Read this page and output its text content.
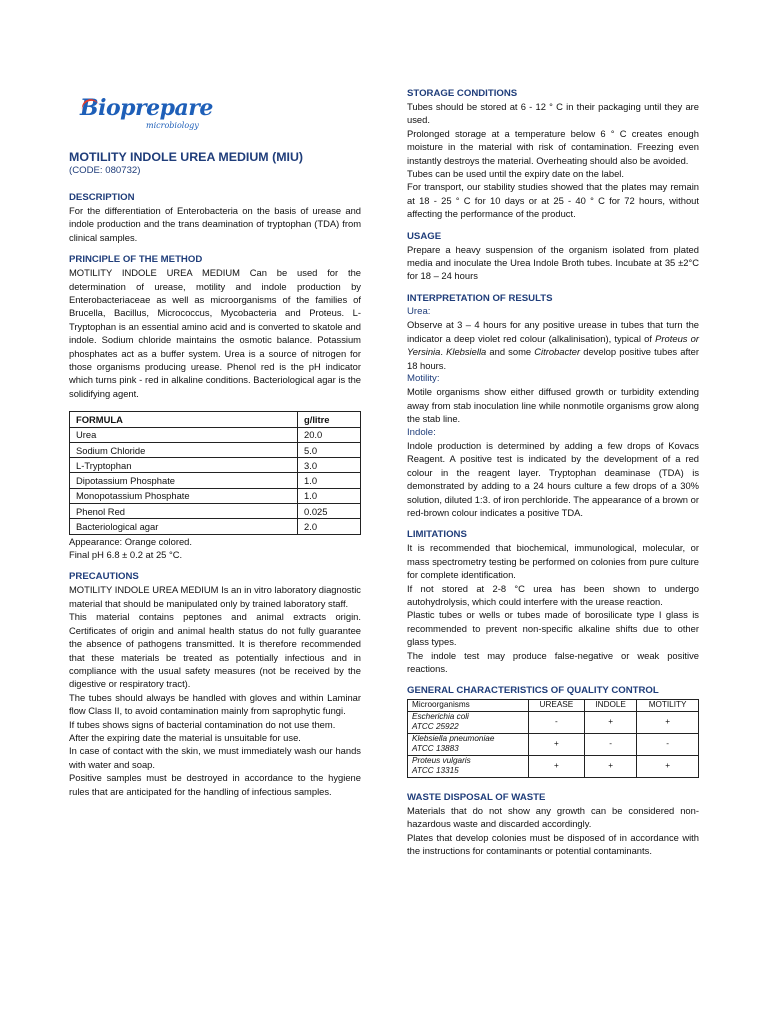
Bioprepare
microbiology
MOTILITY INDOLE UREA MEDIUM (MIU)
(CODE: 080732)
DESCRIPTION

For the differentiation of Enterobacteria on the basis of urease and indole production and the trans deamination of tryptophan (TDA) from clinical samples.

PRINCIPLE OF THE METHOD

MOTILITY INDOLE UREA MEDIUM Can be used for the determination of urease, motility and indole production by Enterobacteriaceae as well as microorganisms of the families of Brucella, Bacillus, Micrococcus, Mycobacteria and Proteus. L-Tryptophan is an essential amino acid and is converted to skatole and indole. Sodium chloride maintains the osmotic balance. Potassium phosphates act as a buffer system. Urea is a source of nitrogen for those organisms producing urease. Phenol red is the pH indicator which turns pink - red in alkaline conditions. Bacteriological agar is the solidifying agent.

FORMULA	g/litre
Urea	20.0
Sodium Chloride	5.0
L-Tryptophan	3.0
Dipotassium Phosphate	1.0
Monopotassium Phosphate	1.0
Phenol Red	0.025
Bacteriological agar	2.0

Appearance: Orange colored.

Final pH 6.8 ± 0.2 at 25 °C.

PRECAUTIONS

MOTILITY INDOLE UREA MEDIUM Is an in vitro laboratory diagnostic material that should be manipulated only by trained laboratory staff.

This material contains peptones and animal extracts origin. Certificates of origin and animal health status do not fully guarantee the absence of pathogens transmitted. It is therefore recommended that these materials be treated as potentially infectious and in compliance with the usual safety measures (not be received by the digestive or respiratory tract).

The tubes should always be handled with gloves and within Laminar flow Class II, to avoid contamination mainly from saprophytic fungi.

If tubes shows signs of bacterial contamination do not use them.

After the expiring date the material is unsuitable for use.

In case of contact with the skin, we must immediately wash our hands with water and soap.

Positive samples must be destroyed in accordance to the hygiene rules that are anticipated for the handling of infectious samples.

STORAGE CONDITIONS

Tubes should be stored at 6 - 12 ° C in their packaging until they are used.

Prolonged storage at a temperature below 6 ° C creates enough moisture in the material with risk of contamination. Freezing even instantly destroys the material. Overheating should also be avoided.

Tubes can be used until the expiry date on the label.

For transport, our stability studies showed that the plates may remain at 18 - 25 ° C for 10 days or at 25 - 40 ° C for 72 hours, without affecting the performance of the product.

USAGE

Prepare a heavy suspension of the organism isolated from plated media and inoculate the Urea Indole Broth tubes. Incubate at 35 ±2°C for 18 – 24 hours

INTERPRETATION OF RESULTS
Urea:

Observe at 3 – 4 hours for any positive urease in tubes that turn the indicator a deep violet red colour (alkalinisation), typical of Proteus or Yersinia. Klebsiella and some Citrobacter develop positive tubes after 18 hours.

Motility:

Motile organisms show either diffused growth or turbidity extending away from stab inoculation line while nonmotile organisms grow along the stab line.

Indole:

Indole production is determined by adding a few drops of Kovacs Reagent. A positive test is indicated by the development of a red colour in the reagent layer. Tryptophan deaminase (TDA) is demonstrated by adding to a 24 hours culture a few drops of a 30% solution, diluted 1:3. of iron perchloride. The appearance of a brown or red-brown colour indicates a positive TDA.

LIMITATIONS

It is recommended that biochemical, immunological, molecular, or mass spectrometry testing be performed on colonies from pure culture for complete identification.

If not stored at 2-8 °C urea has been shown to undergo autohydrolysis, which could interfere with the urease reaction.

Plastic tubes or wells or tubes made of borosilicate type I glass is recommended to prevent non-specific alkaline shifts due to other glass types.

The indole test may produce false-negative or weak positive reactions.

GENERAL CHARACTERISTICS OF QUALITY CONTROL
Microorganisms	UREASE	INDOLE	MOTILITY

Escherichia coli
ATCC 25922	-	+	+

Klebsiella pneumoniae
ATCC 13883	+	-	-

Proteus vulgaris
ATCC 13315	+	+	+
WASTE DISPOSAL OF WASTE

Materials that do not show any growth can be considered non-hazardous waste and discarded accordingly.

Plates that develop colonies must be disposed of in accordance with the instructions for contaminants or potential contaminants.
